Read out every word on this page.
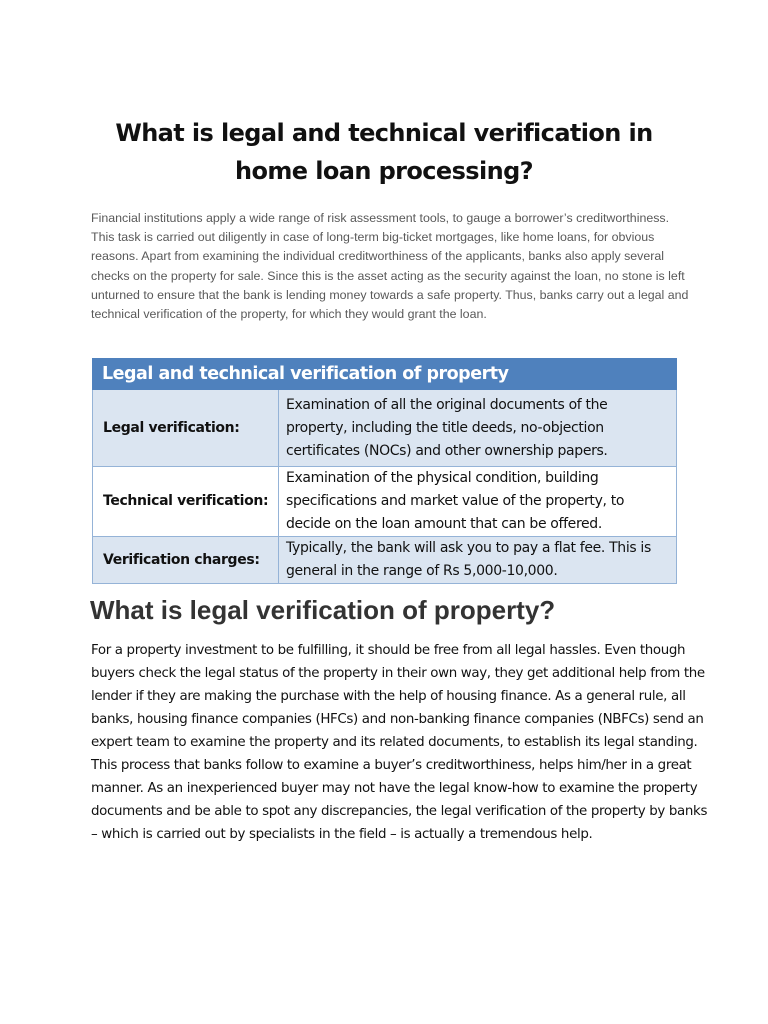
What is legal and technical verification in
home loan processing?

Financial institutions apply a wide range of risk assessment tools, to gauge a borrower’s creditworthiness. This task is carried out diligently in case of long-term big-ticket mortgages, like home loans, for obvious reasons. Apart from examining the individual creditworthiness of the applicants, banks also apply several checks on the property for sale. Since this is the asset acting as the security against the loan, no stone is left unturned to ensure that the bank is lending money towards a safe property. Thus, banks carry out a legal and technical verification of the property, for which they would grant the loan.

Legal and technical verification of property	
Legal verification:	Examination of all the original documents of the property, including the title deeds, no-objection certificates (NOCs) and other ownership papers.
Technical verification:	Examination of the physical condition, building specifications and market value of the property, to decide on the loan amount that can be offered.
Verification charges:	Typically, the bank will ask you to pay a flat fee. This is general in the range of Rs 5,000-10,000.
What is legal verification of property?

For a property investment to be fulfilling, it should be free from all legal hassles. Even though buyers check the legal status of the property in their own way, they get additional help from the lender if they are making the purchase with the help of housing finance. As a general rule, all banks, housing finance companies (HFCs) and non-banking finance companies (NBFCs) send an expert team to examine the property and its related documents, to establish its legal standing.

This process that banks follow to examine a buyer’s creditworthiness, helps him/her in a great manner. As an inexperienced buyer may not have the legal know-how to examine the property documents and be able to spot any discrepancies, the legal verification of the property by banks – which is carried out by specialists in the field – is actually a tremendous help.
